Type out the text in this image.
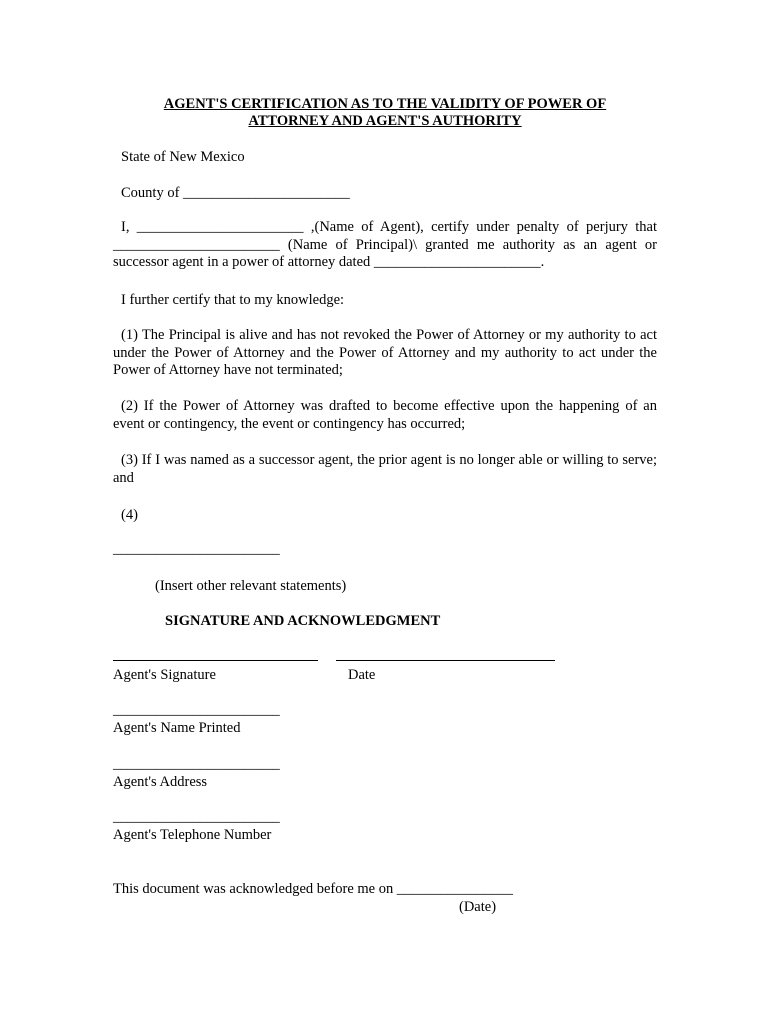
AGENT'S CERTIFICATION AS TO THE VALIDITY OF POWER OF
ATTORNEY AND AGENT'S AUTHORITY
State of New Mexico
County of _______________________
I, _______________________ ,(Name of Agent), certify under penalty of perjury that _______________________ (Name of Principal)\ granted me authority as an agent or successor agent in a power of attorney dated _______________________.
I further certify that to my knowledge:
(1) The Principal is alive and has not revoked the Power of Attorney or my authority to act under the Power of Attorney and the Power of Attorney and my authority to act under the Power of Attorney have not terminated;
(2) If the Power of Attorney was drafted to become effective upon the happening of an event or contingency, the event or contingency has occurred;
(3) If I was named as a successor agent, the prior agent is no longer able or willing to serve; and
(4)
_______________________
(Insert other relevant statements)
SIGNATURE AND ACKNOWLEDGMENT
Agent's Signature	Date
_______________________
Agent's Name Printed
_______________________
Agent's Address
_______________________
Agent's Telephone Number
This document was acknowledged before me on ________________
(Date)
